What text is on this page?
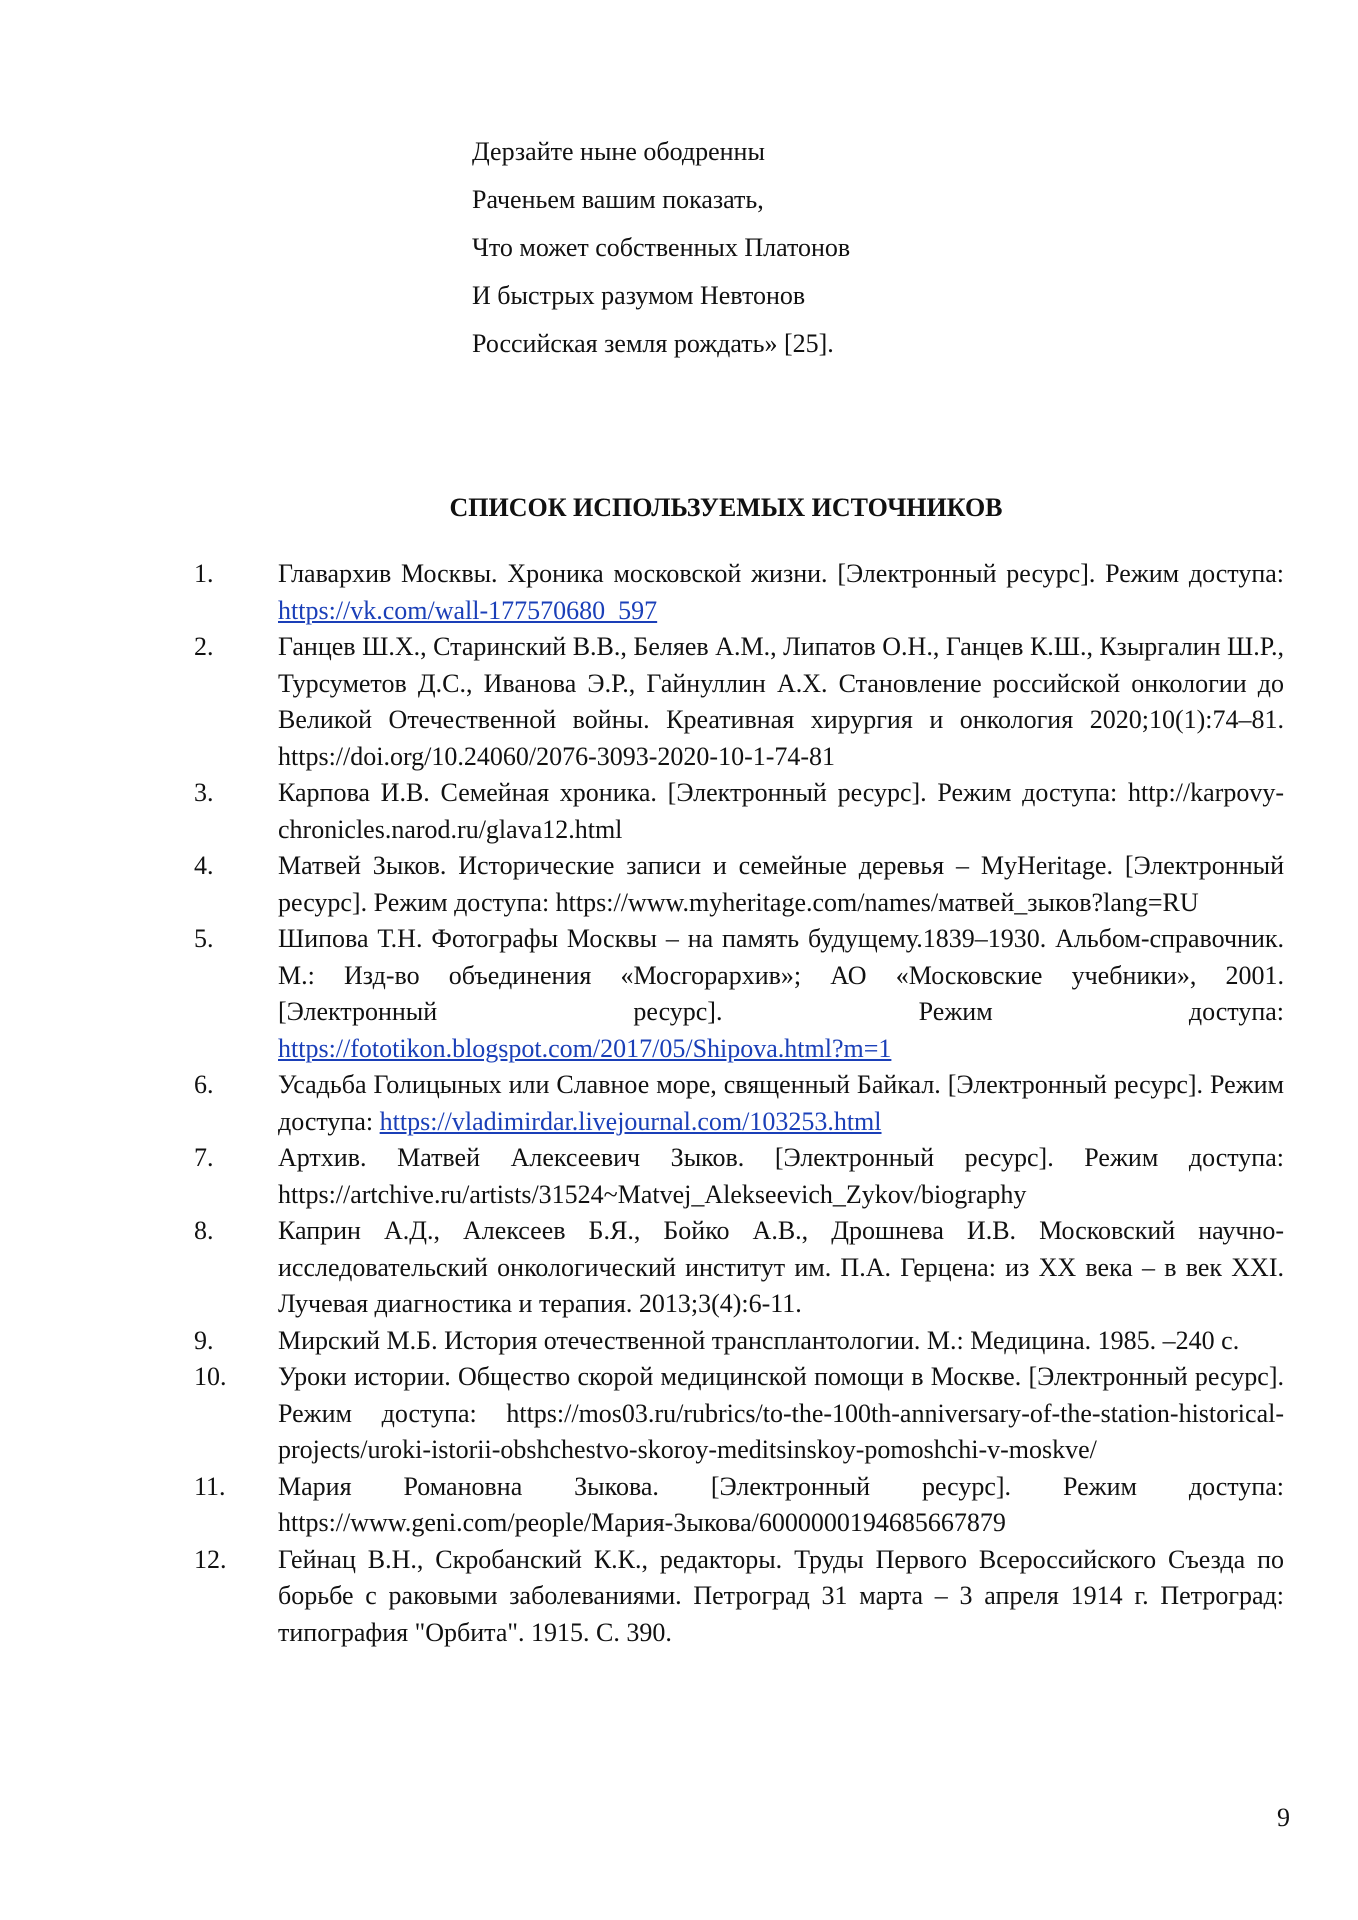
Дерзайте ныне ободренны
Раченьем вашим показать,
Что может собственных Платонов
И быстрых разумом Невтонов
Российская земля рождать» [25].
СПИСОК ИСПОЛЬЗУЕМЫХ ИСТОЧНИКОВ
1.	Главархив Москвы. Хроника московской жизни. [Электронный ресурс]. Режим доступа: https://vk.com/wall-177570680_597
2.	Ганцев Ш.Х., Старинский В.В., Беляев А.М., Липатов О.Н., Ганцев К.Ш., Кзыргалин Ш.Р., Турсуметов Д.С., Иванова Э.Р., Гайнуллин А.Х. Становление российской онкологии до Великой Отечественной войны. Креативная хирургия и онкология 2020;10(1):74–81. https://doi.org/10.24060/2076-3093-2020-10-1-74-81
3.	Карпова И.В. Семейная хроника. [Электронный ресурс]. Режим доступа: http://karpovy-chronicles.narod.ru/glava12.html
4.	Матвей Зыков. Исторические записи и семейные деревья – MyHeritage. [Электронный ресурс]. Режим доступа: https://www.myheritage.com/names/матвей_зыков?lang=RU
5.	Шипова Т.Н. Фотографы Москвы – на память будущему.1839–1930. Альбом-справочник. М.: Изд-во объединения «Мосгорархив»; АО «Московские учебники», 2001. [Электронный ресурс]. Режим доступа: https://fototikon.blogspot.com/2017/05/Shipova.html?m=1
6.	Усадьба Голицыных или Славное море, священный Байкал. [Электронный ресурс]. Режим доступа: https://vladimirdar.livejournal.com/103253.html
7.	Артхив. Матвей Алексеевич Зыков. [Электронный ресурс]. Режим доступа: https://artchive.ru/artists/31524~Matvej_Alekseevich_Zykov/biography
8.	Каприн А.Д., Алексеев Б.Я., Бойко А.В., Дрошнева И.В. Московский научно-исследовательский онкологический институт им. П.А. Герцена: из XX века – в век XXI. Лучевая диагностика и терапия. 2013;3(4):6-11.
9.	Мирский М.Б. История отечественной трансплантологии. М.: Медицина. 1985. –240 с.
10.	Уроки истории. Общество скорой медицинской помощи в Москве. [Электронный ресурс]. Режим доступа: https://mos03.ru/rubrics/to-the-100th-anniversary-of-the-station-historical-projects/uroki-istorii-obshchestvo-skoroy-meditsinskoy-pomoshchi-v-moskve/
11.	Мария Романовна Зыкова. [Электронный ресурс]. Режим доступа: https://www.geni.com/people/Мария-Зыкова/6000000194685667879
12.	Гейнац В.Н., Скробанский К.К., редакторы. Труды Первого Всероссийского Съезда по борьбе с раковыми заболеваниями. Петроград 31 марта – 3 апреля 1914 г. Петроград: типография "Орбита". 1915. С. 390.
9
